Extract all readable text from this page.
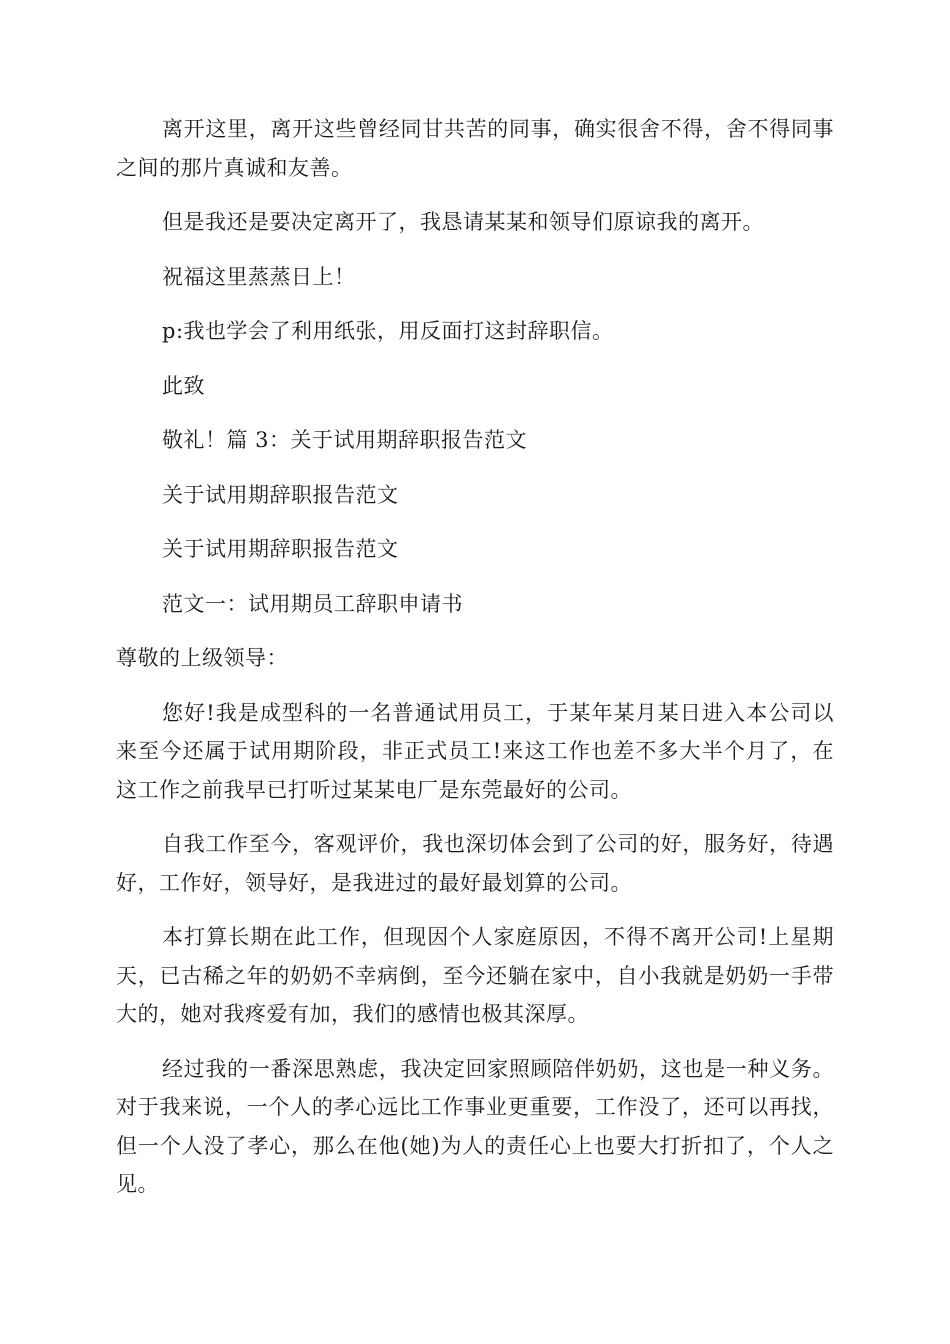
离开这里，离开这些曾经同甘共苦的同事，确实很舍不得，舍不得同事之间的那片真诚和友善。

但是我还是要决定离开了，我恳请某某和领导们原谅我的离开。

祝福这里蒸蒸日上！

p:我也学会了利用纸张，用反面打这封辞职信。

此致

敬礼！篇 3：关于试用期辞职报告范文

关于试用期辞职报告范文

关于试用期辞职报告范文

范文一：试用期员工辞职申请书

尊敬的上级领导：

您好!我是成型科的一名普通试用员工，于某年某月某日进入本公司以来至今还属于试用期阶段，非正式员工!来这工作也差不多大半个月了，在这工作之前我早已打听过某某电厂是东莞最好的公司。

自我工作至今，客观评价，我也深切体会到了公司的好，服务好，待遇好，工作好，领导好，是我进过的最好最划算的公司。

本打算长期在此工作，但现因个人家庭原因，不得不离开公司!上星期天，已古稀之年的奶奶不幸病倒，至今还躺在家中，自小我就是奶奶一手带大的，她对我疼爱有加，我们的感情也极其深厚。

经过我的一番深思熟虑，我决定回家照顾陪伴奶奶，这也是一种义务。对于我来说，一个人的孝心远比工作事业更重要，工作没了，还可以再找，但一个人没了孝心，那么在他(她)为人的责任心上也要大打折扣了，个人之见。
